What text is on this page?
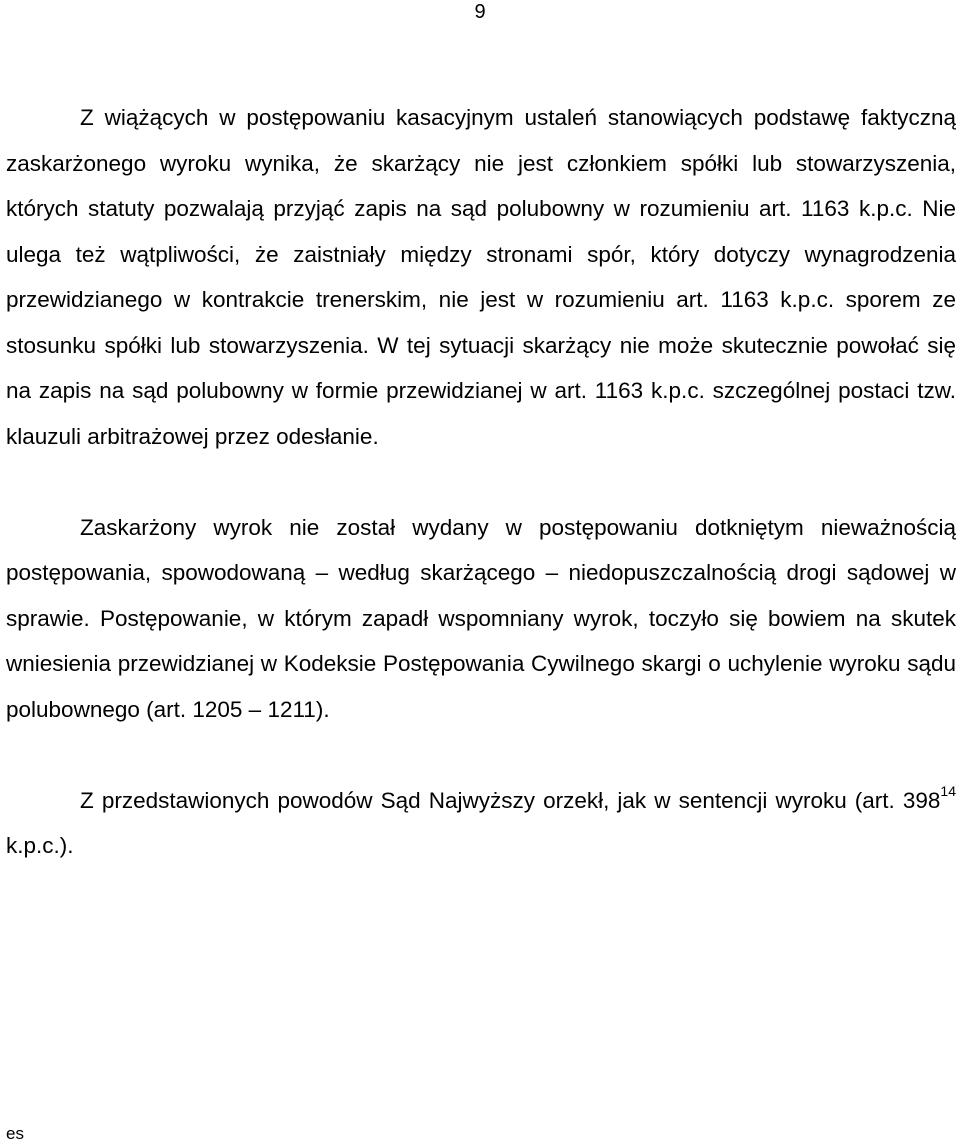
9

Z wiążących w postępowaniu kasacyjnym ustaleń stanowiących podstawę faktyczną zaskarżonego wyroku wynika, że skarżący nie jest członkiem spółki lub stowarzyszenia, których statuty pozwalają przyjąć zapis na sąd polubowny w rozumieniu art. 1163 k.p.c. Nie ulega też wątpliwości, że zaistniały między stronami spór, który dotyczy wynagrodzenia przewidzianego w kontrakcie trenerskim, nie jest w rozumieniu art. 1163 k.p.c. sporem ze stosunku spółki lub stowarzyszenia. W tej sytuacji skarżący nie może skutecznie powołać się na zapis na sąd polubowny w formie przewidzianej w art. 1163 k.p.c. szczególnej postaci tzw. klauzuli arbitrażowej przez odesłanie.

Zaskarżony wyrok nie został wydany w postępowaniu dotkniętym nieważnością postępowania, spowodowaną – według skarżącego – niedopuszczalnością drogi sądowej w sprawie. Postępowanie, w którym zapadł wspomniany wyrok, toczyło się bowiem na skutek wniesienia przewidzianej w Kodeksie Postępowania Cywilnego skargi o uchylenie wyroku sądu polubownego (art. 1205 – 1211).

Z przedstawionych powodów Sąd Najwyższy orzekł, jak w sentencji wyroku (art. $398^{14}$ k.p.c.).

es
